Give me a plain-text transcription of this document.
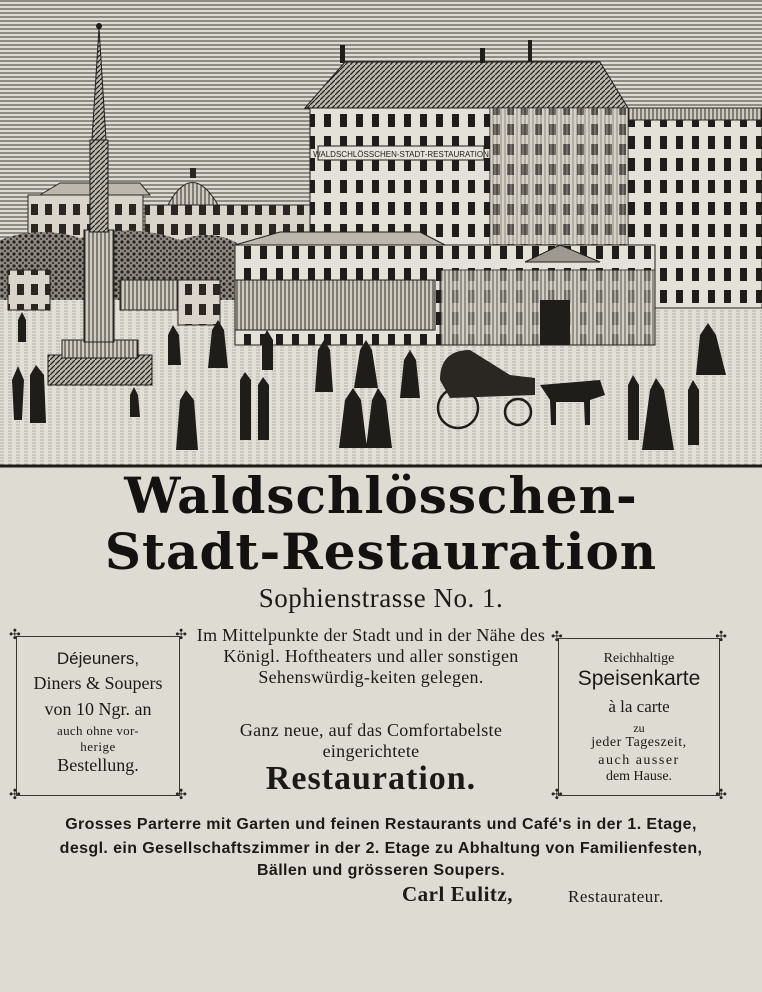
WALDSCHLÖSSCHEN-STADT-RESTAURATION
Waldschlösschen-
Stadt-Restauration
Sophienstrasse No. 1.
✣	✣
✣	✣
Déjeuners,
Diners & Soupers
von 10 Ngr. an
auch ohne vor-
herige
Bestellung.
Im Mittelpunkte der Stadt und in der Nähe des Königl. Hoftheaters und aller sonstigen Sehenswürdig-keiten gelegen.
Ganz neue, auf das Comfortabelste eingerichtete
Restauration.
✣	✣
✣	✣
Reichhaltige
Speisenkarte
à la carte
zu
jeder Tageszeit,
auch ausser
dem Hause.
Grosses Parterre mit Garten und feinen Restaurants und Café's in der 1. Etage,
desgl. ein Gesellschaftszimmer in der 2. Etage zu Abhaltung von Familienfesten,
Bällen und grösseren Soupers.
Carl Eulitz,	Restaurateur.
